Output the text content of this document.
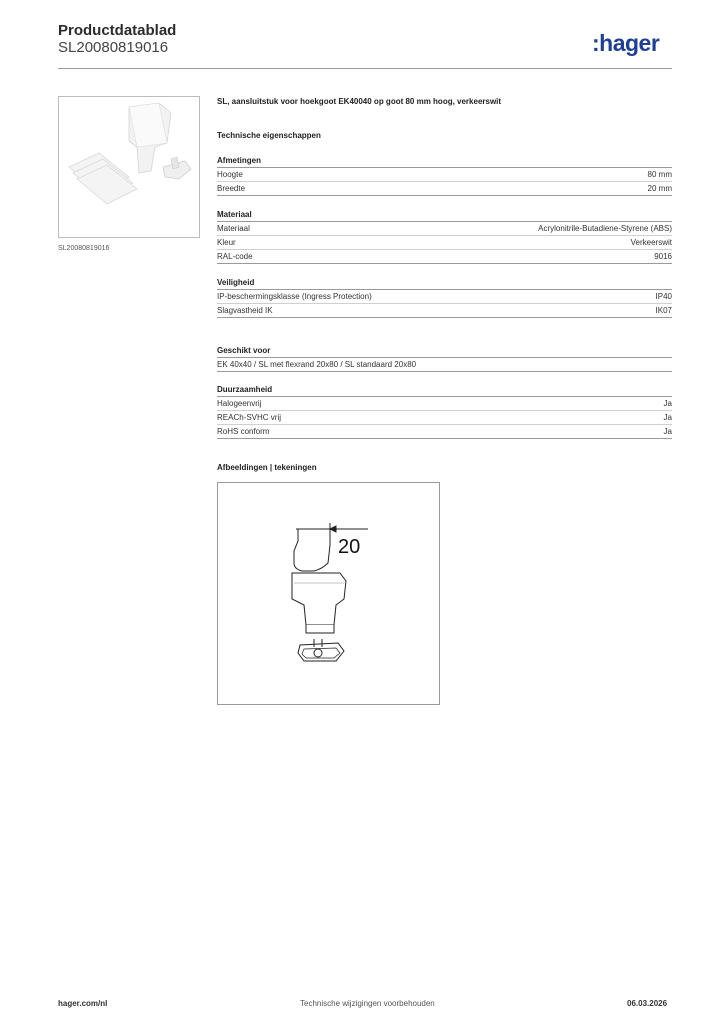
Productdatablad
SL20080819016	:hager
SL20080819016
SL, aansluitstuk voor hoekgoot EK40040 op goot 80 mm hoog, verkeerswit
Technische eigenschappen
Afmetingen
Hoogte	80 mm
Breedte	20 mm
Materiaal
Materiaal	Acrylonitrile-Butadiene-Styrene (ABS)
Kleur	Verkeerswit
RAL-code	9016
Veiligheid
IP-beschermingsklasse (Ingress Protection)	IP40
Slagvastheid IK	IK07
Geschikt voor
EK 40x40 / SL met flexrand 20x80 / SL standaard 20x80
Duurzaamheid
Halogeenvrij	Ja
REACh-SVHC vrij	Ja
RoHS conform	Ja
Afbeeldingen | tekeningen
20
hager.com/nl	Technische wijzigingen voorbehouden	06.03.2026
